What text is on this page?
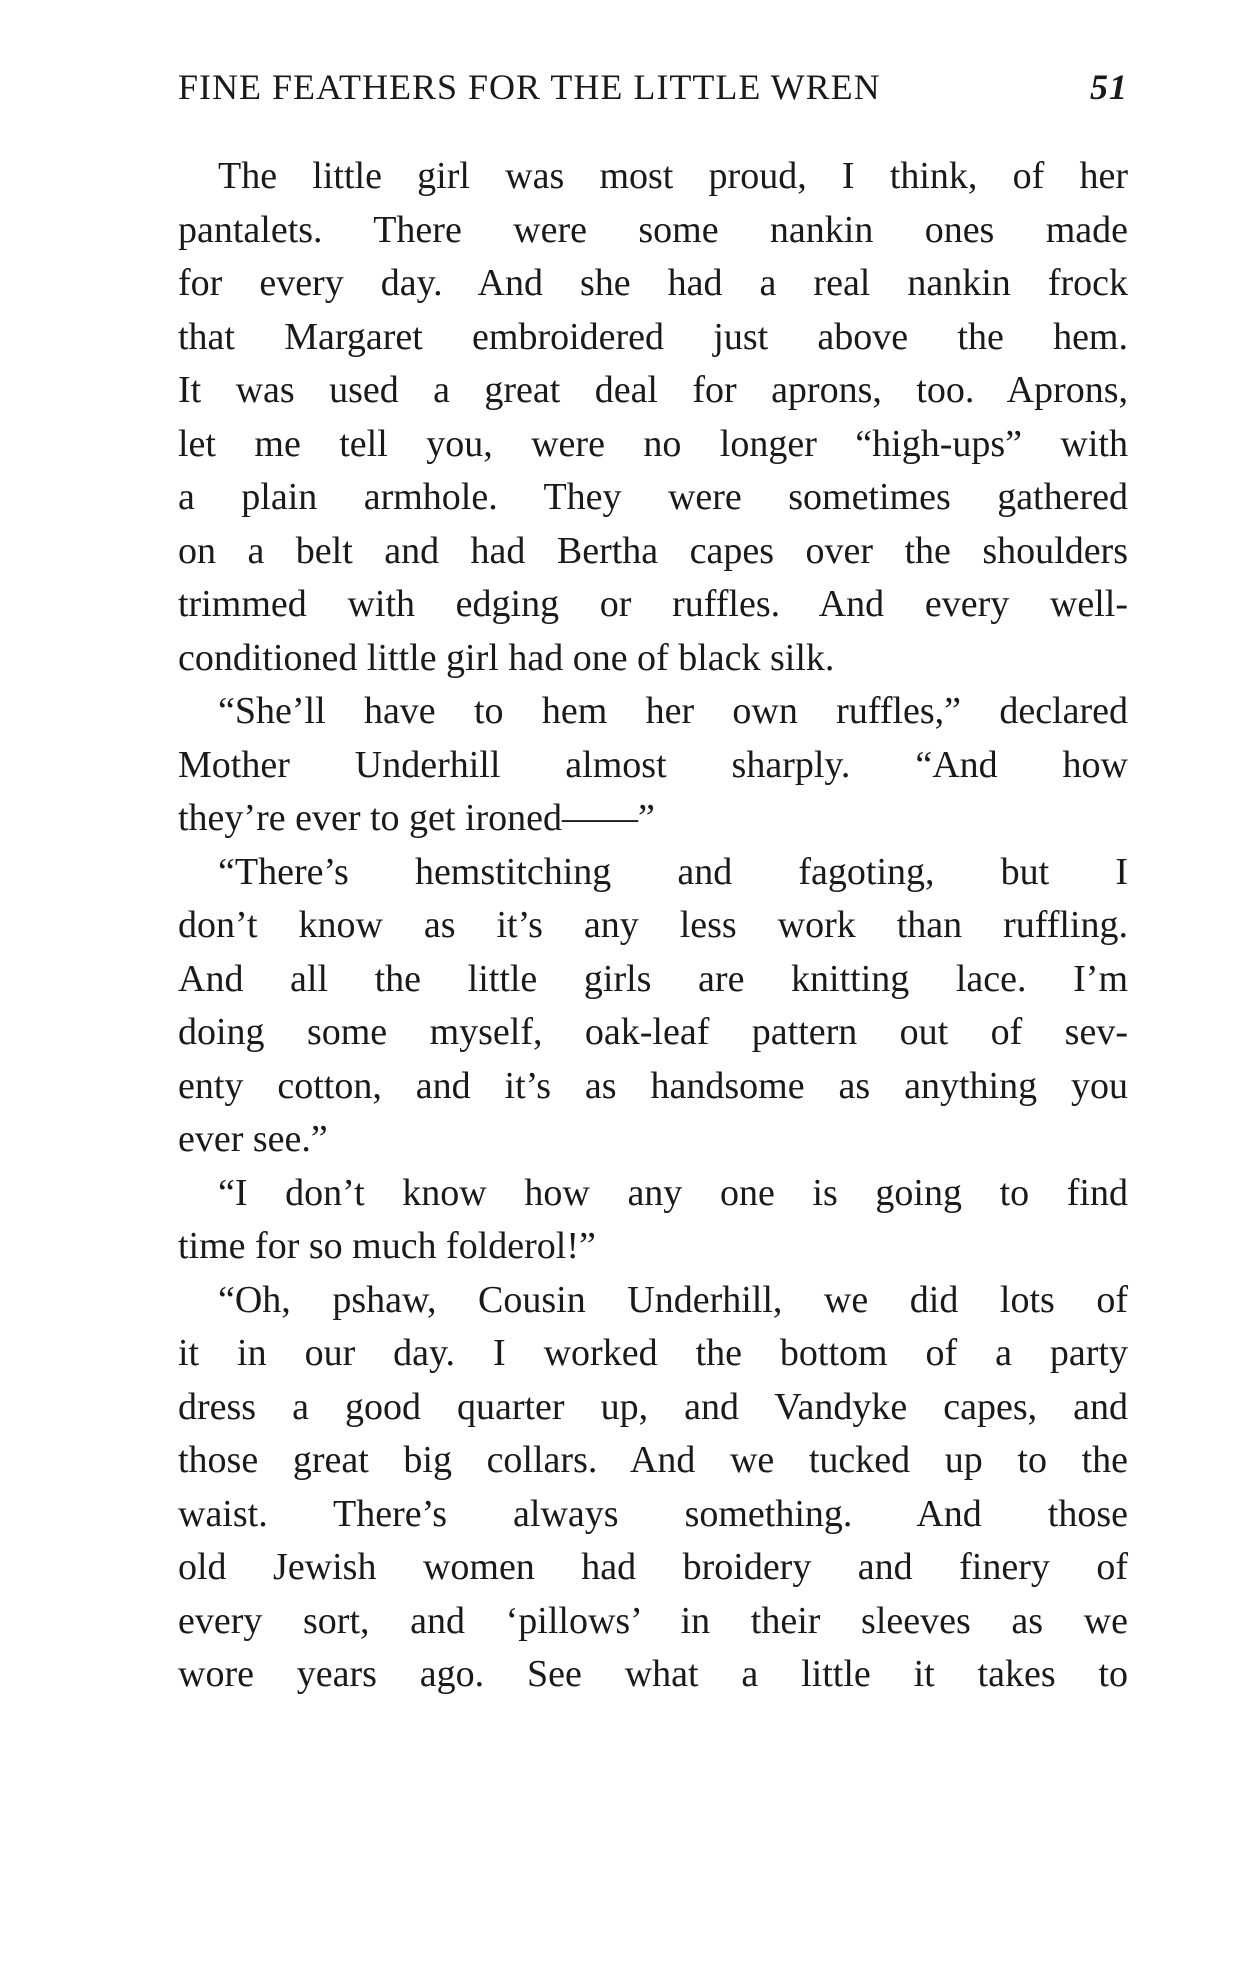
FINE FEATHERS FOR THE LITTLE WREN	51
The little girl was most proud, I think, of her
pantalets. There were some nankin ones made
for every day. And she had a real nankin frock
that Margaret embroidered just above the hem.
It was used a great deal for aprons, too. Aprons,
let me tell you, were no longer “high-ups” with
a plain armhole. They were sometimes gathered
on a belt and had Bertha capes over the shoulders
trimmed with edging or ruffles. And every well-
conditioned little girl had one of black silk.
“She’ll have to hem her own ruffles,” declared
Mother Underhill almost sharply. “And how
they’re ever to get ironed——”
“There’s hemstitching and fagoting, but I
don’t know as it’s any less work than ruffling.
And all the little girls are knitting lace. I’m
doing some myself, oak-leaf pattern out of sev-
enty cotton, and it’s as handsome as anything you
ever see.”
“I don’t know how any one is going to find
time for so much folderol!”
“Oh, pshaw, Cousin Underhill, we did lots of
it in our day. I worked the bottom of a party
dress a good quarter up, and Vandyke capes, and
those great big collars. And we tucked up to the
waist. There’s always something. And those
old Jewish women had broidery and finery of
every sort, and ‘pillows’ in their sleeves as we
wore years ago. See what a little it takes to
